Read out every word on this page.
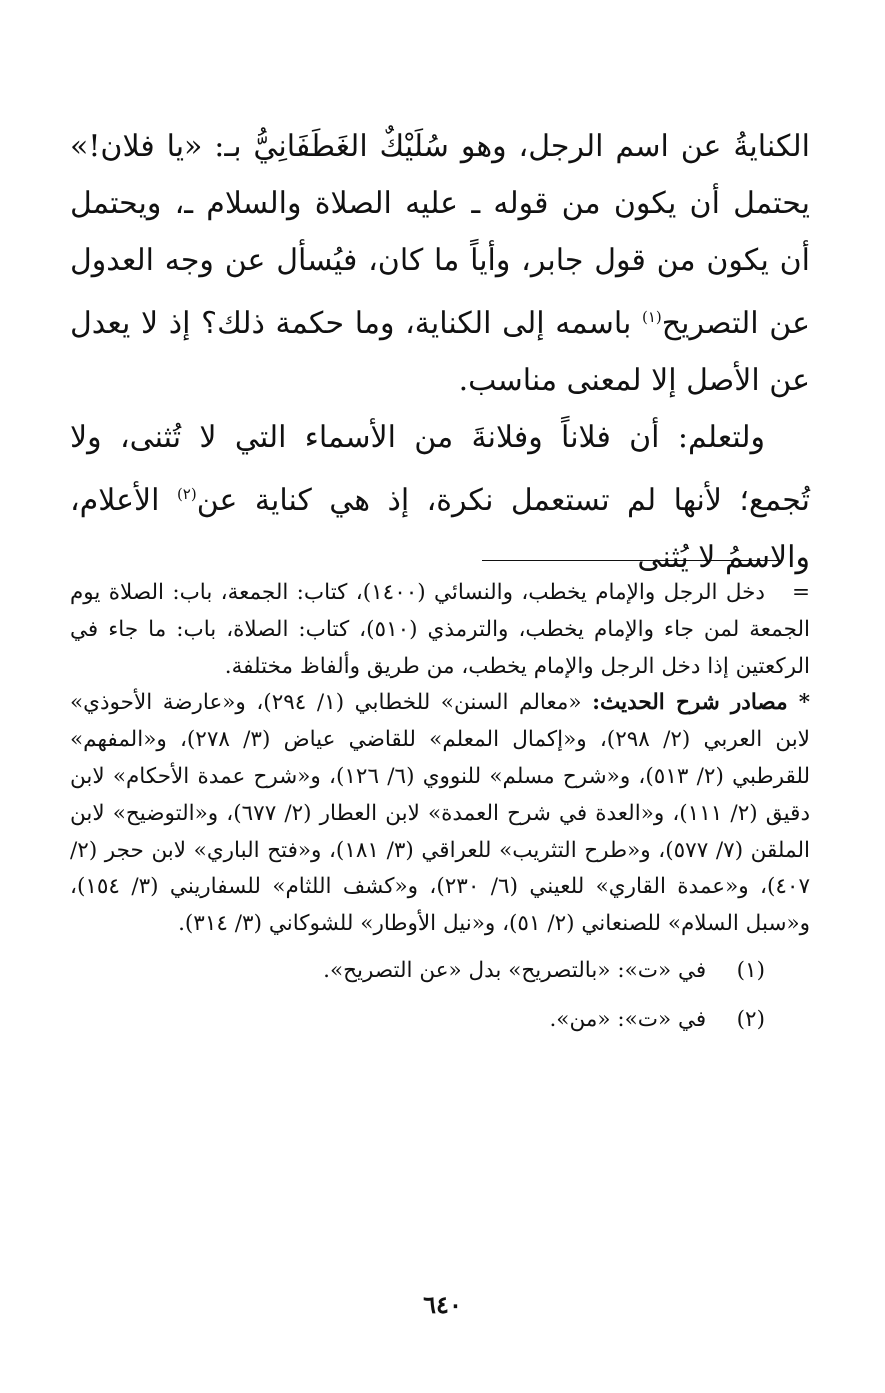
الكنايةُ عن اسم الرجل، وهو سُلَيْكٌ الغَطَفَانِيُّ بـ: «يا فلان!» يحتمل أن يكون من قوله ـ عليه الصلاة والسلام ـ، ويحتمل أن يكون من قول جابر، وأياً ما كان، فيُسأل عن وجه العدول عن التصريح$^{(١)}$ باسمه إلى الكناية، وما حكمة ذلك؟ إذ لا يعدل عن الأصل إلا لمعنى مناسب.

ولتعلم: أن فلاناً وفلانةَ من الأسماء التي لا تُثنى، ولا تُجمع؛ لأنها لم تستعمل نكرة، إذ هي كناية عن$^{(٢)}$ الأعلام، والاسمُ لا يُثنى

=دخل الرجل والإمام يخطب، والنسائي (١٤٠٠)، كتاب: الجمعة، باب: الصلاة يوم الجمعة لمن جاء والإمام يخطب، والترمذي (٥١٠)، كتاب: الصلاة، باب: ما جاء في الركعتين إذا دخل الرجل والإمام يخطب، من طريق وألفاظ مختلفة.

* مصادر شرح الحديث: «معالم السنن» للخطابي (١/ ٢٩٤)، و«عارضة الأحوذي» لابن العربي (٢/ ٢٩٨)، و«إكمال المعلم» للقاضي عياض (٣/ ٢٧٨)، و«المفهم» للقرطبي (٢/ ٥١٣)، و«شرح مسلم» للنووي (٦/ ١٢٦)، و«شرح عمدة الأحكام» لابن دقيق (٢/ ١١١)، و«العدة في شرح العمدة» لابن العطار (٢/ ٦٧٧)، و«التوضيح» لابن الملقن (٧/ ٥٧٧)، و«طرح التثريب» للعراقي (٣/ ١٨١)، و«فتح الباري» لابن حجر (٢/ ٤٠٧)، و«عمدة القاري» للعيني (٦/ ٢٣٠)، و«كشف اللثام» للسفاريني (٣/ ١٥٤)، و«سبل السلام» للصنعاني (٢/ ٥١)، و«نيل الأوطار» للشوكاني (٣/ ٣١٤).

(١) في «ت»: «بالتصريح» بدل «عن التصريح».

(٢) في «ت»: «من».

٦٤٠
